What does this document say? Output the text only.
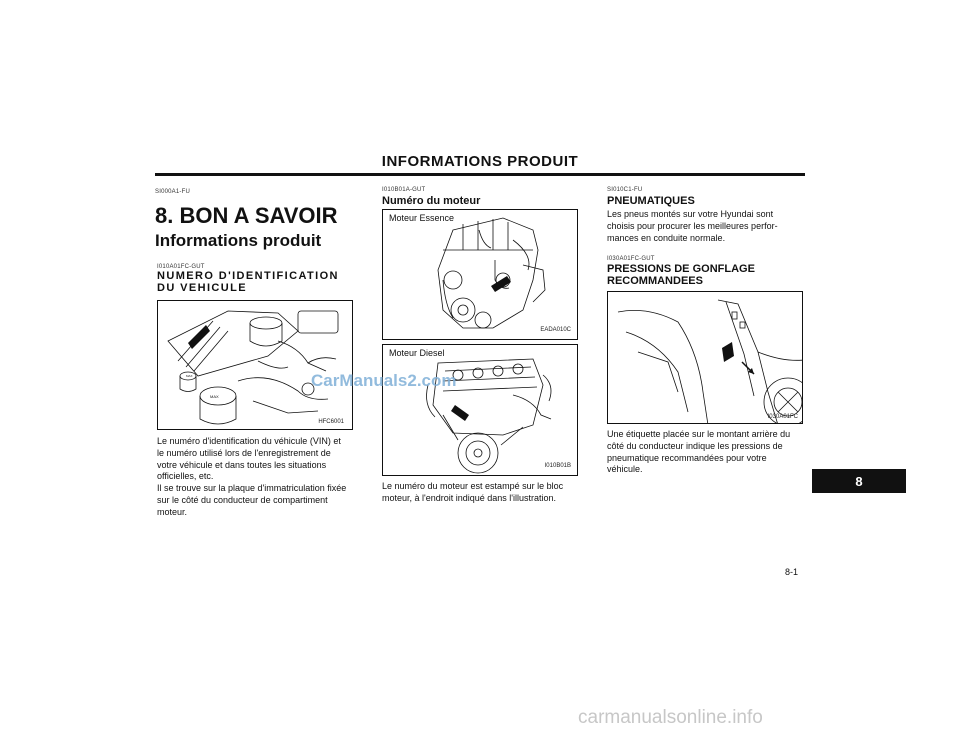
INFORMATIONS PRODUIT
SI000A1-FU
8. BON A SAVOIR
Informations produit
I010A01FC-GUT
NUMERO D'IDENTIFICATION DU VEHICULE
MAX
MAX
HFC6001
Le numéro d'identification du véhicule (VIN) et
le numéro utilisé lors de l'enregistrement de
votre véhicule et dans toutes les situations
officielles, etc.
Il se trouve sur la plaque d'immatriculation fixée
sur le côté du conducteur de compartiment
moteur.
I010B01A-GUT
Numéro du moteur
Moteur Essence
EADA010C
Moteur Diesel
I010B01B
Le numéro du moteur est estampé sur le bloc
moteur, à l'endroit indiqué dans l'illustration.
SI010C1-FU
PNEUMATIQUES
Les pneus montés sur votre Hyundai sont
choisis pour procurer les meilleures perfor-
mances en conduite normale.
I030A01FC-GUT
PRESSIONS DE GONFLAGE
RECOMMANDEES
I030A01FC
Une étiquette placée sur le montant arrière du
côté du conducteur indique les pressions de
pneumatique recommandées pour votre
véhicule.
8
8-1
CarManuals2.com
carmanualsonline.info
